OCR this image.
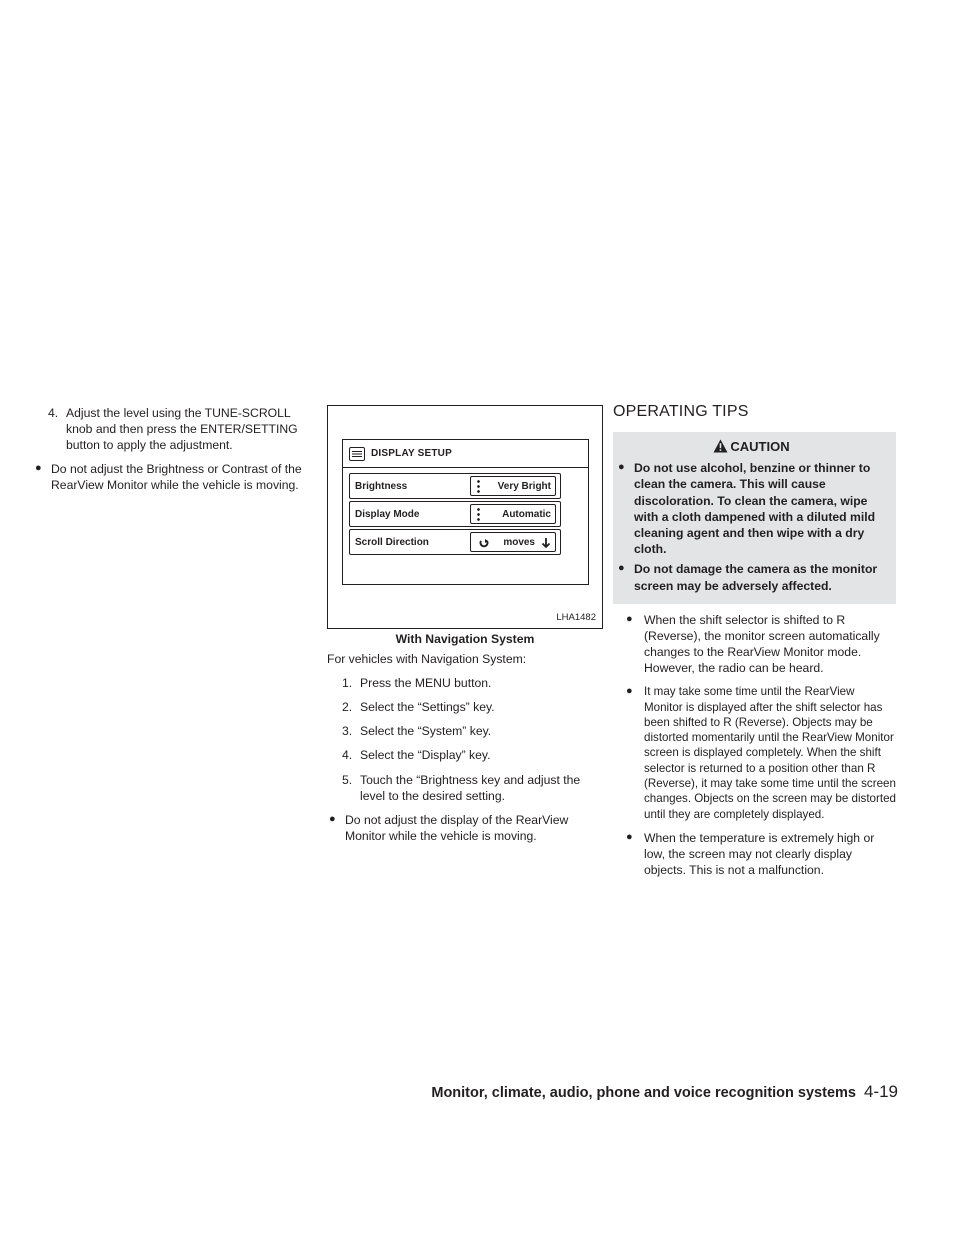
4. Adjust the level using the TUNE-SCROLL knob and then press the ENTER/SETTING button to apply the adjustment.
● Do not adjust the Brightness or Contrast of the RearView Monitor while the vehicle is moving.
DISPLAY SETUP
Brightness	Very Bright
Display Mode	Automatic
Scroll Direction	moves
LHA1482
With Navigation System
For vehicles with Navigation System:
1. Press the MENU button.
2. Select the “Settings” key.
3. Select the “System” key.
4. Select the “Display” key.
5. Touch the “Brightness key and adjust the level to the desired setting.
● Do not adjust the display of the RearView Monitor while the vehicle is moving.
OPERATING TIPS
CAUTION
● Do not use alcohol, benzine or thinner to clean the camera. This will cause discoloration. To clean the camera, wipe with a cloth dampened with a diluted mild cleaning agent and then wipe with a dry cloth.
● Do not damage the camera as the monitor screen may be adversely affected.
● When the shift selector is shifted to R (Reverse), the monitor screen automatically changes to the RearView Monitor mode. However, the radio can be heard.
● It may take some time until the RearView Monitor is displayed after the shift selector has been shifted to R (Reverse). Objects may be distorted momentarily until the RearView Monitor screen is displayed completely. When the shift selector is returned to a position other than R (Reverse), it may take some time until the screen changes. Objects on the screen may be distorted until they are completely displayed.
● When the temperature is extremely high or low, the screen may not clearly display objects. This is not a malfunction.
Monitor, climate, audio, phone and voice recognition systems 4-19
